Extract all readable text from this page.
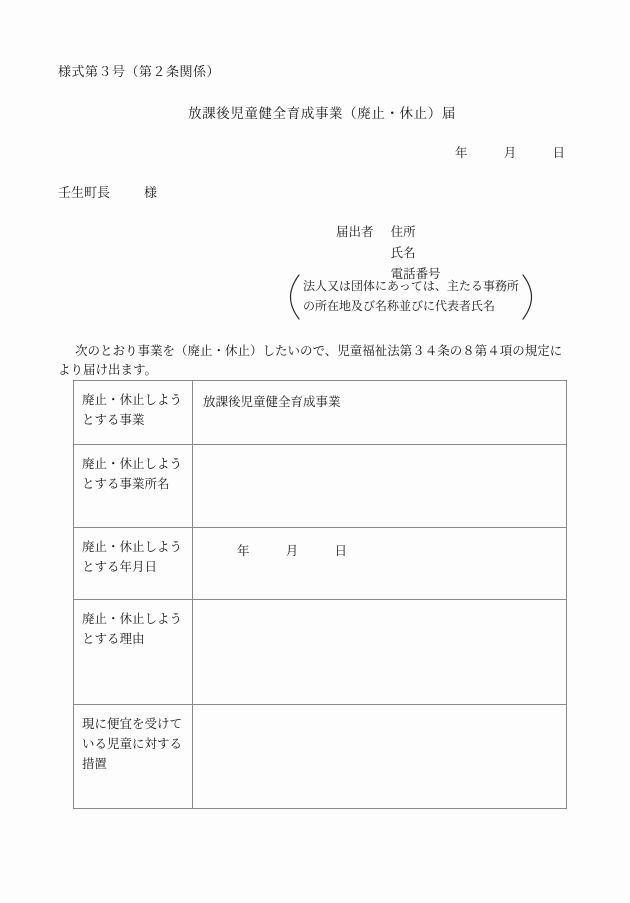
様式第３号（第２条関係）
放課後児童健全育成事業（廃止・休止）届
年	月	日
壬生町長	様
届出者 住所
氏名
電話番号
法人又は団体にあっては、主たる事務所
の所在地及び名称並びに代表者氏名
次のとおり事業を（廃止・休止）したいので、児童福祉法第３４条の８第４項の規定に
より届け出ます。
廃止・休止しようとする事業	放課後児童健全育成事業

廃止・休止しようとする事業所名	

廃止・休止しようとする年月日	年 月 日

廃止・休止しようとする理由	

現に便宜を受けている児童に対する措置	
